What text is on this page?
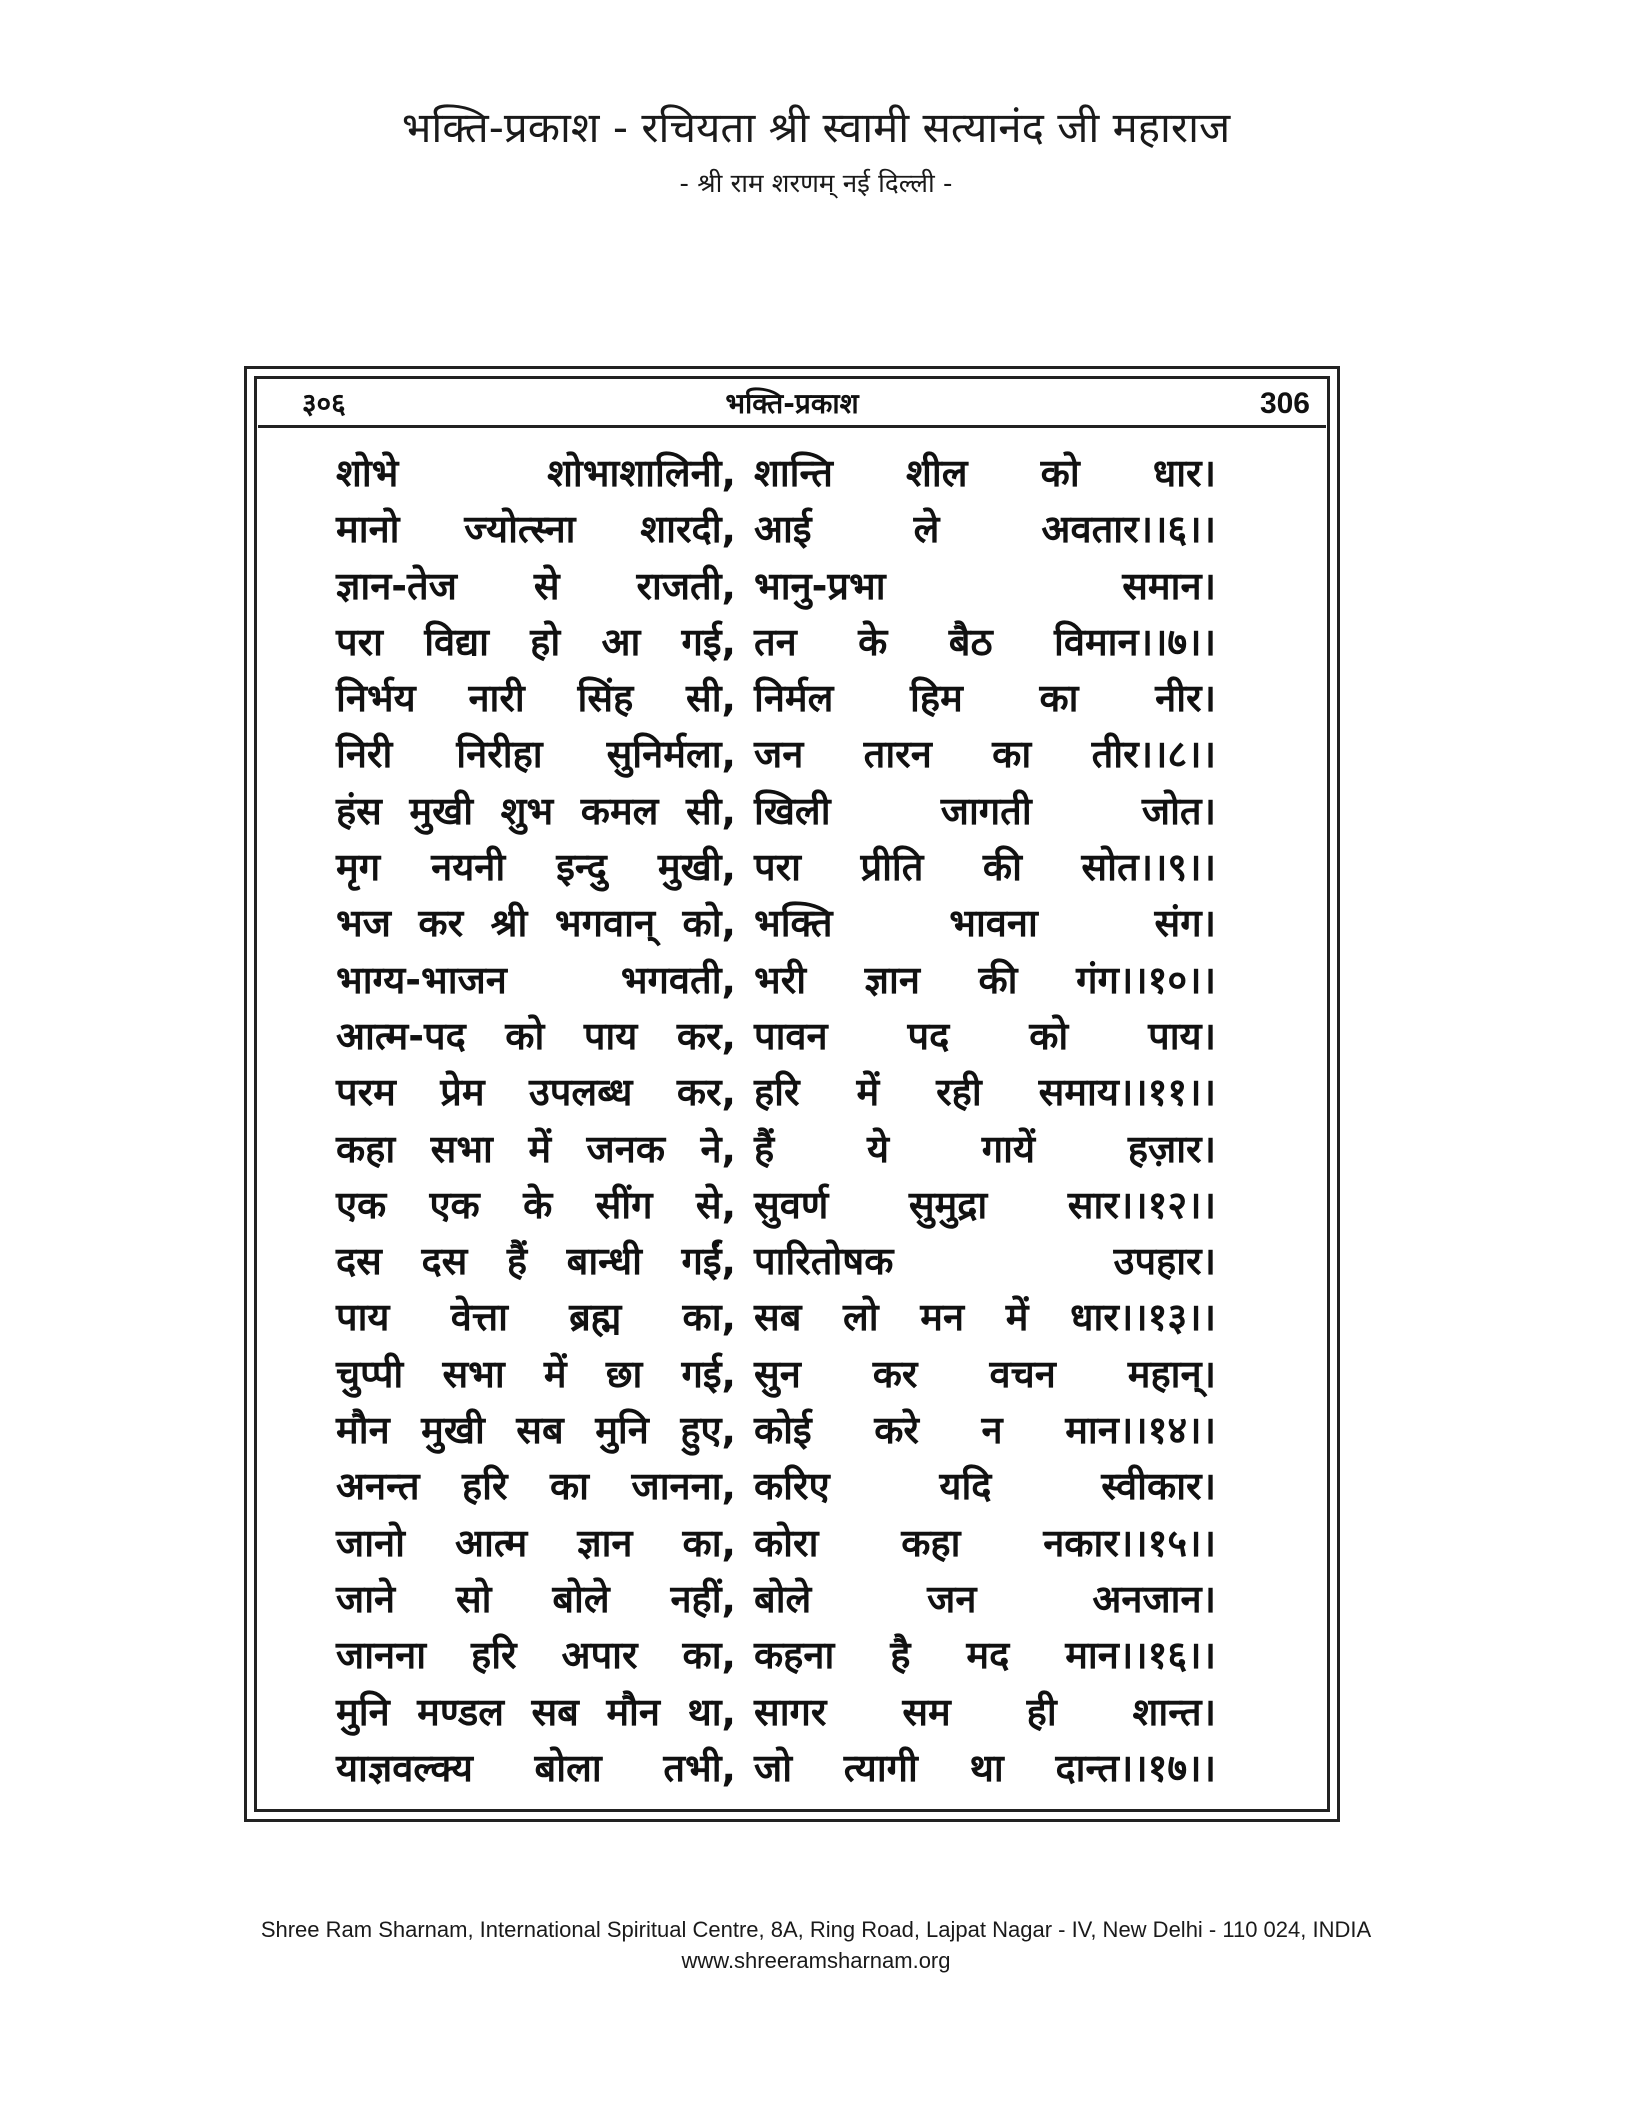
भक्ति-प्रकाश - रचियता श्री स्वामी सत्यानंद जी महाराज
- श्री राम शरणम् नई दिल्ली -
३०६	भक्ति-प्रकाश	306
शोभे शोभाशालिनी, शान्ति शील को धार।
मानो ज्योत्स्ना शारदी, आई ले अवतार।।६।।
ज्ञान-तेज से राजती, भानु-प्रभा समान।
परा विद्या हो आ गई, तन के बैठ विमान।।७।।
निर्भय नारी सिंह सी, निर्मल हिम का नीर।
निरी निरीहा सुनिर्मला, जन तारन का तीर।।८।।
हंस मुखी शुभ कमल सी, खिली जागती जोत।
मृग नयनी इन्दु मुखी, परा प्रीति की सोत।।९।।
भज कर श्री भगवान् को, भक्ति भावना संग।
भाग्य-भाजन भगवती, भरी ज्ञान की गंग।।१०।।
आत्म-पद को पाय कर, पावन पद को पाय।
परम प्रेम उपलब्ध कर, हरि में रही समाय।।११।।
कहा सभा में जनक ने, हैं ये गायें हज़ार।
एक एक के सींग से, सुवर्ण सुमुद्रा सार।।१२।।
दस दस हैं बान्धी गईं, पारितोषक उपहार।
पाय वेत्ता ब्रह्म का, सब लो मन में धार।।१३।।
चुप्पी सभा में छा गई, सुन कर वचन महान्।
मौन मुखी सब मुनि हुए, कोई करे न मान।।१४।।
अनन्त हरि का जानना, करिए यदि स्वीकार।
जानो आत्म ज्ञान का, कोरा कहा नकार।।१५।।
जाने सो बोले नहीं, बोले जन अनजान।
जानना हरि अपार का, कहना है मद मान।।१६।।
मुनि मण्डल सब मौन था, सागर सम ही शान्त।
याज्ञवल्क्य बोला तभी, जो त्यागी था दान्त।।१७।।
Shree Ram Sharnam, International Spiritual Centre, 8A, Ring Road, Lajpat Nagar - IV, New Delhi - 110 024, INDIA
www.shreeramsharnam.org
